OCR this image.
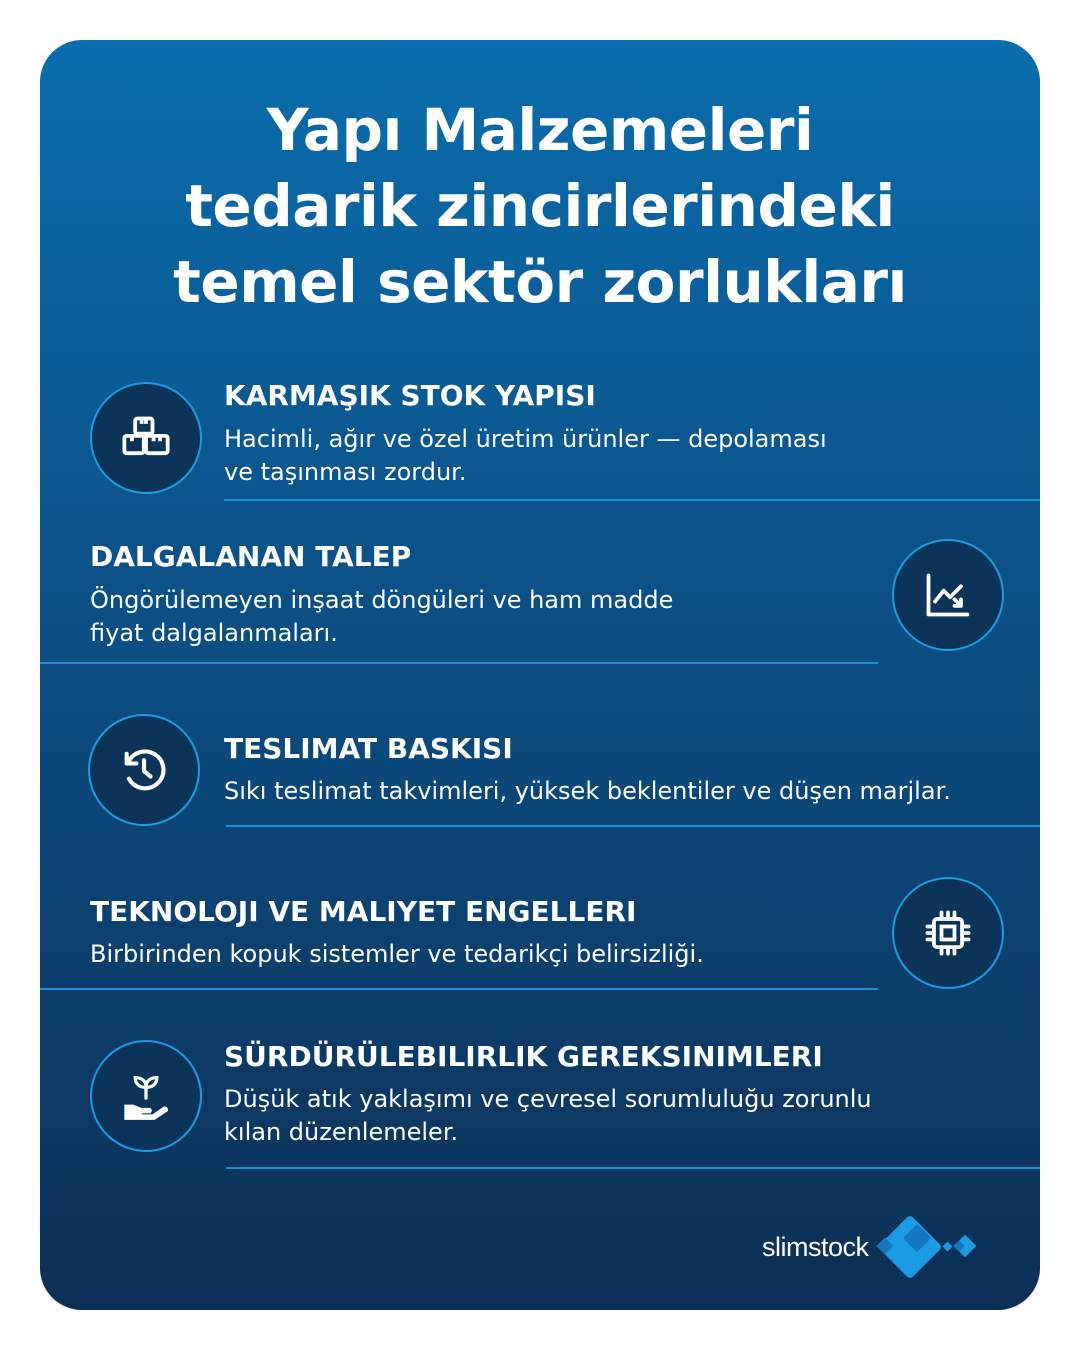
Yapı Malzemeleri
tedarik zincirlerindeki
temel sektör zorlukları
KARMAŞIK STOK YAPISI
Hacimli, ağır ve özel üretim ürünler — depolaması
ve taşınması zordur.
DALGALANAN TALEP
Öngörülemeyen inşaat döngüleri ve ham madde
fiyat dalgalanmaları.
TESLIMAT BASKISI
Sıkı teslimat takvimleri, yüksek beklentiler ve düşen marjlar.
TEKNOLOJI VE MALIYET ENGELLERI
Birbirinden kopuk sistemler ve tedarikçi belirsizliği.
SÜRDÜRÜLEBILIRLIK GEREKSINIMLERI
Düşük atık yaklaşımı ve çevresel sorumluluğu zorunlu
kılan düzenlemeler.
slimstock
